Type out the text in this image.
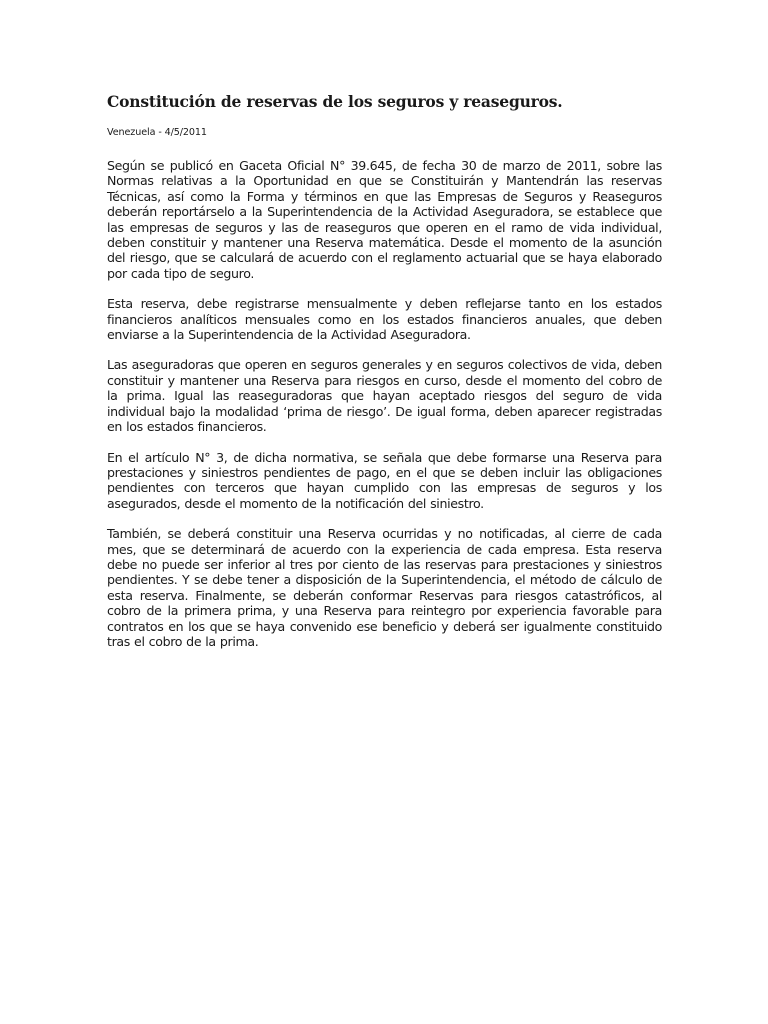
Constitución de reservas de los seguros y reaseguros.
Venezuela - 4/5/2011

Según se publicó en Gaceta Oficial N° 39.645, de fecha 30 de marzo de 2011, sobre las Normas relativas a la Oportunidad en que se Constituirán y Mantendrán las reservas Técnicas, así como la Forma y términos en que las Empresas de Seguros y Reaseguros deberán reportárselo a la Superintendencia de la Actividad Aseguradora, se establece que las empresas de seguros y las de reaseguros que operen en el ramo de vida individual, deben constituir y mantener una Reserva matemática. Desde el momento de la asunción del riesgo, que se calculará de acuerdo con el reglamento actuarial que se haya elaborado por cada tipo de seguro.

Esta reserva, debe registrarse mensualmente y deben reflejarse tanto en los estados financieros analíticos mensuales como en los estados financieros anuales, que deben enviarse a la Superintendencia de la Actividad Aseguradora.

Las aseguradoras que operen en seguros generales y en seguros colectivos de vida, deben constituir y mantener una Reserva para riesgos en curso, desde el momento del cobro de la prima. Igual las reaseguradoras que hayan aceptado riesgos del seguro de vida individual bajo la modalidad ‘prima de riesgo’. De igual forma, deben aparecer registradas en los estados financieros.

En el artículo N° 3, de dicha normativa, se señala que debe formarse una Reserva para prestaciones y siniestros pendientes de pago, en el que se deben incluir las obligaciones pendientes con terceros que hayan cumplido con las empresas de seguros y los asegurados, desde el momento de la notificación del siniestro.

También, se deberá constituir una Reserva ocurridas y no notificadas, al cierre de cada mes, que se determinará de acuerdo con la experiencia de cada empresa. Esta reserva debe no puede ser inferior al tres por ciento de las reservas para prestaciones y siniestros pendientes. Y se debe tener a disposición de la Superintendencia, el método de cálculo de esta reserva. Finalmente, se deberán conformar Reservas para riesgos catastróficos, al cobro de la primera prima, y una Reserva para reintegro por experiencia favorable para contratos en los que se haya convenido ese beneficio y deberá ser igualmente constituido tras el cobro de la prima.
